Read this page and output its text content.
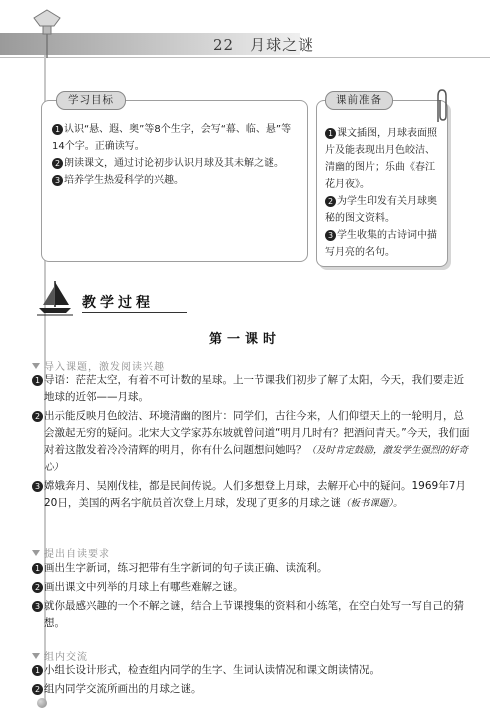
22　月球之谜
学习目标

1 认识“悬、遐、奥”等8个生字，会写“幕、临、悬”等14个字。正确读写。

2 朗读课文，通过讨论初步认识月球及其未解之谜。

3 培养学生热爱科学的兴趣。

课前准备

1 课文插图，月球表面照片及能表现出月色皎洁、清幽的图片；乐曲《春江花月夜》。

2 为学生印发有关月球奥秘的图文资料。

3 学生收集的古诗词中描写月亮的名句。

教学过程
第一课时
导入课题，激发阅读兴趣

1 导语：茫茫太空，有着不可计数的星球。上一节课我们初步了解了太阳，今天，我们要走近地球的近邻——月球。

2 出示能反映月色皎洁、环境清幽的图片：同学们，古往今来，人们仰望天上的一轮明月，总会激起无穷的疑问。北宋大文学家苏东坡就曾问道“明月几时有？把酒问青天。”今天，我们面对着这散发着冷冷清辉的明月，你有什么问题想问她吗？（及时肯定鼓励，激发学生强烈的好奇心）

3 嫦娥奔月、吴刚伐桂，都是民间传说。人们多想登上月球，去解开心中的疑问。1969年7月20日，美国的两名宇航员首次登上月球，发现了更多的月球之谜（板书课题）。

提出自读要求

1 画出生字新词，练习把带有生字新词的句子读正确、读流利。

2 画出课文中列举的月球上有哪些难解之谜。

3 就你最感兴趣的一个不解之谜，结合上节课搜集的资料和小练笔，在空白处写一写自己的猜想。

组内交流

1 小组长设计形式，检查组内同学的生字、生词认读情况和课文朗读情况。

2 组内同学交流所画出的月球之谜。
